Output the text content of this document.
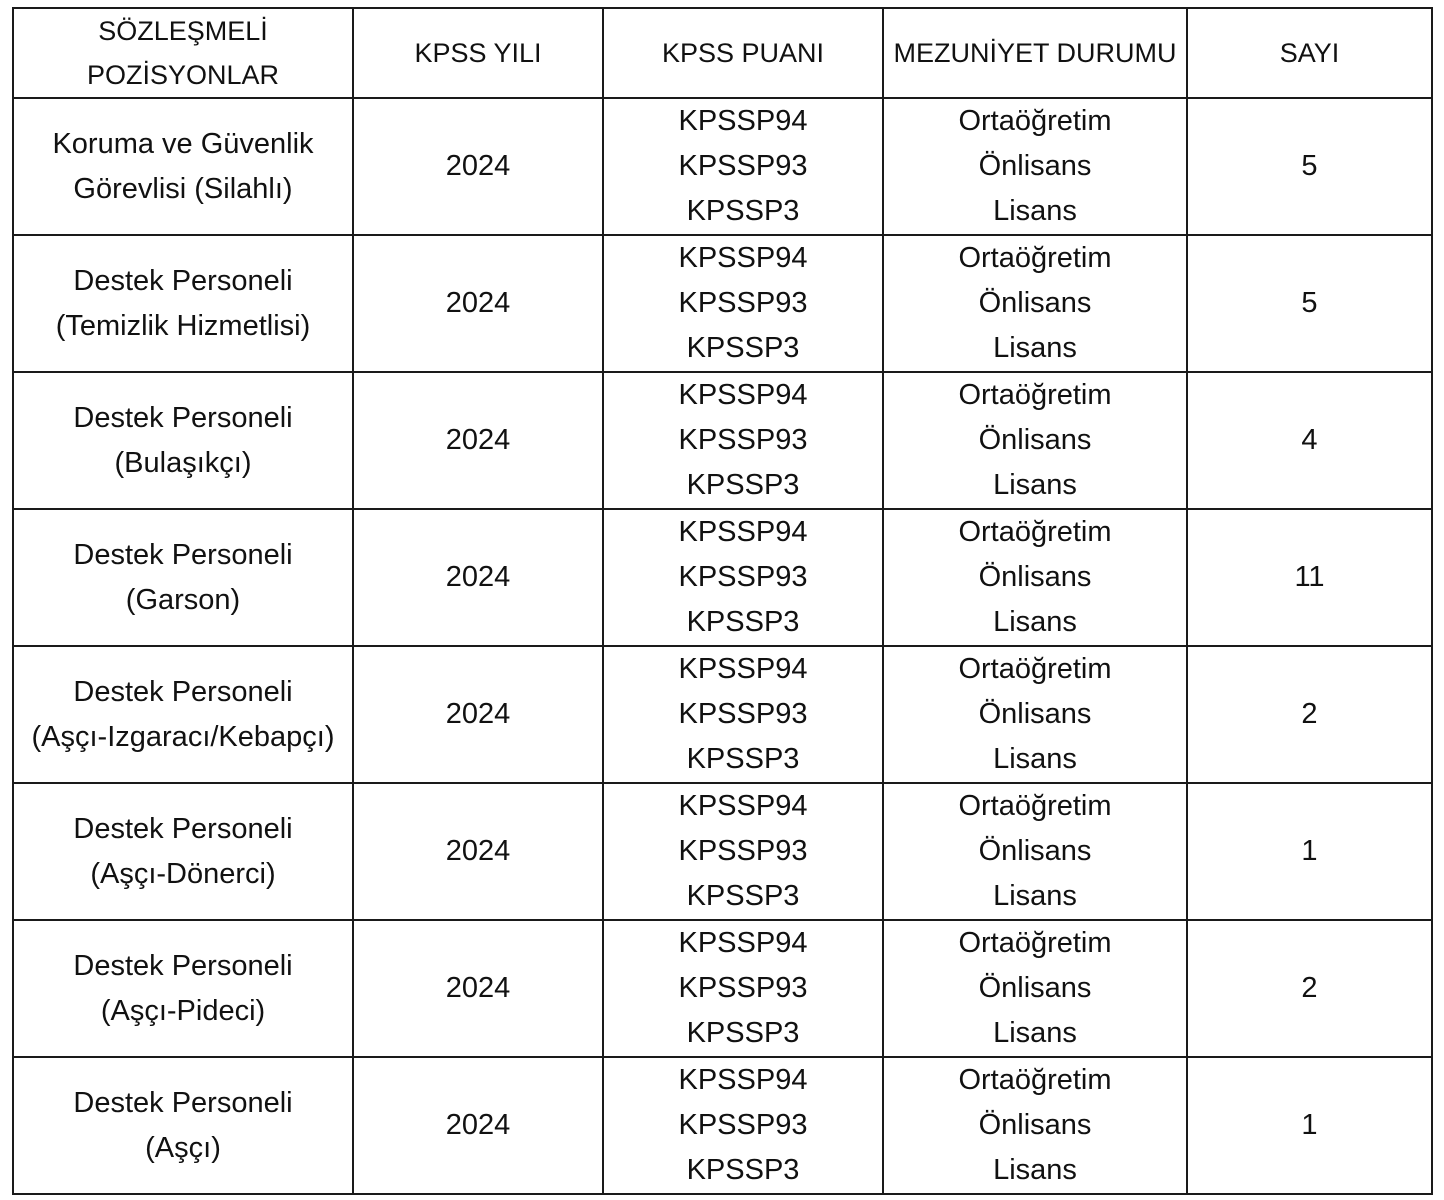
SÖZLEŞMELİ
POZİSYONLAR	KPSS YILI	KPSS PUANI	MEZUNİYET DURUMU	SAYI

Koruma ve Güvenlik
Görevlisi (Silahlı)	2024	KPSSP94
KPSSP93
KPSSP3	Ortaöğretim
Önlisans
Lisans	5

Destek Personeli
(Temizlik Hizmetlisi)	2024	KPSSP94
KPSSP93
KPSSP3	Ortaöğretim
Önlisans
Lisans	5

Destek Personeli
(Bulaşıkçı)	2024	KPSSP94
KPSSP93
KPSSP3	Ortaöğretim
Önlisans
Lisans	4

Destek Personeli
(Garson)	2024	KPSSP94
KPSSP93
KPSSP3	Ortaöğretim
Önlisans
Lisans	11

Destek Personeli
(Aşçı-Izgaracı/Kebapçı)	2024	KPSSP94
KPSSP93
KPSSP3	Ortaöğretim
Önlisans
Lisans	2

Destek Personeli
(Aşçı-Dönerci)	2024	KPSSP94
KPSSP93
KPSSP3	Ortaöğretim
Önlisans
Lisans	1

Destek Personeli
(Aşçı-Pideci)	2024	KPSSP94
KPSSP93
KPSSP3	Ortaöğretim
Önlisans
Lisans	2

Destek Personeli
(Aşçı)	2024	KPSSP94
KPSSP93
KPSSP3	Ortaöğretim
Önlisans
Lisans	1
